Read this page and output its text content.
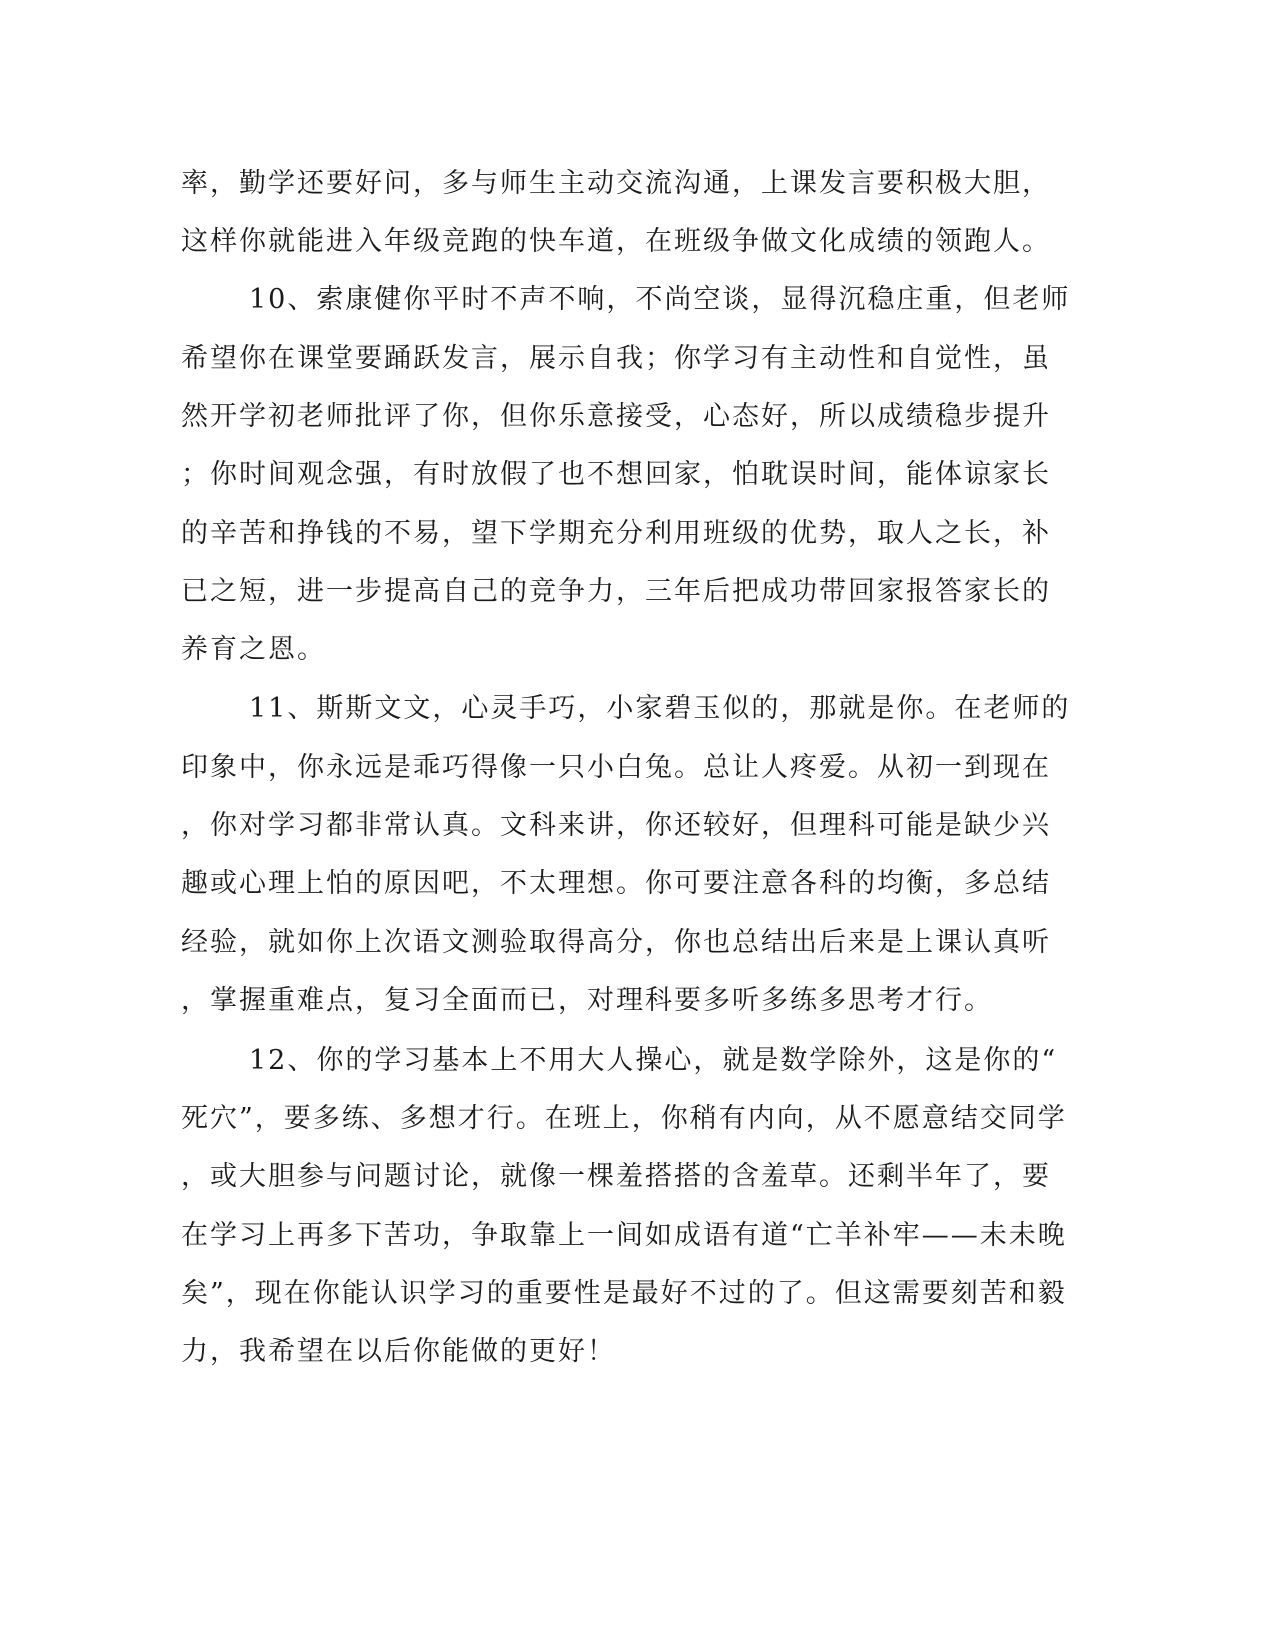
率，勤学还要好问，多与师生主动交流沟通，上课发言要积极大胆，
这样你就能进入年级竞跑的快车道，在班级争做文化成绩的领跑人。
10、索康健你平时不声不响，不尚空谈，显得沉稳庄重，但老师
希望你在课堂要踊跃发言，展示自我；你学习有主动性和自觉性，虽
然开学初老师批评了你，但你乐意接受，心态好，所以成绩稳步提升
；你时间观念强，有时放假了也不想回家，怕耽误时间，能体谅家长
的辛苦和挣钱的不易，望下学期充分利用班级的优势，取人之长，补
已之短，进一步提高自己的竞争力，三年后把成功带回家报答家长的
养育之恩。
11、斯斯文文，心灵手巧，小家碧玉似的，那就是你。在老师的
印象中，你永远是乖巧得像一只小白兔。总让人疼爱。从初一到现在
，你对学习都非常认真。文科来讲，你还较好，但理科可能是缺少兴
趣或心理上怕的原因吧，不太理想。你可要注意各科的均衡，多总结
经验，就如你上次语文测验取得高分，你也总结出后来是上课认真听
，掌握重难点，复习全面而已，对理科要多听多练多思考才行。
12、你的学习基本上不用大人操心，就是数学除外，这是你的“
死穴”，要多练、多想才行。在班上，你稍有内向，从不愿意结交同学
，或大胆参与问题讨论，就像一棵羞搭搭的含羞草。还剩半年了，要
在学习上再多下苦功，争取靠上一间如成语有道“亡羊补牢——未未晚
矣”，现在你能认识学习的重要性是最好不过的了。但这需要刻苦和毅
力，我希望在以后你能做的更好！
